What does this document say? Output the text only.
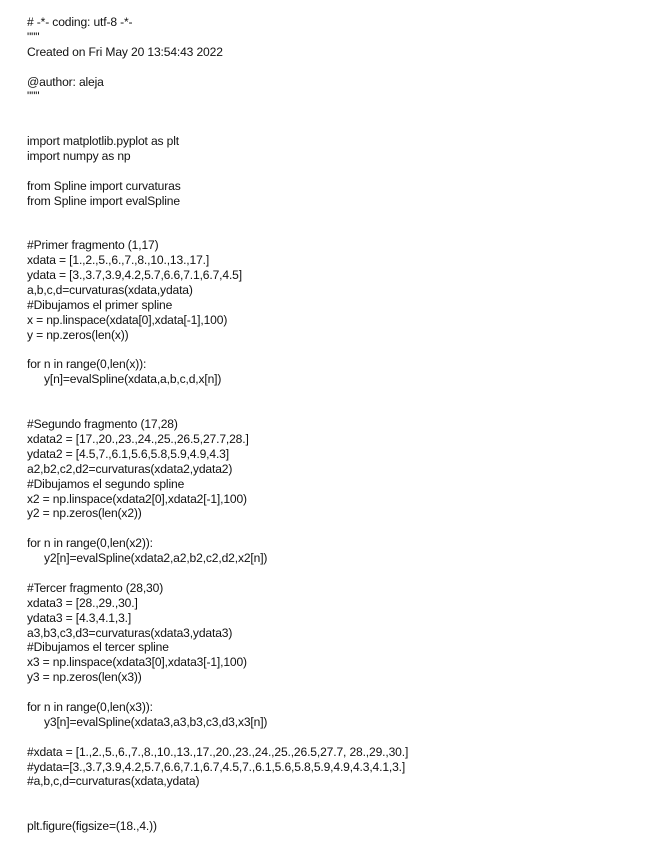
# -*- coding: utf-8 -*-
"""
Created on Fri May 20 13:54:43 2022
@author: aleja
"""
import matplotlib.pyplot as plt
import numpy as np
from Spline import curvaturas
from Spline import evalSpline
#Primer fragmento (1,17)
xdata = [1.,2.,5.,6.,7.,8.,10.,13.,17.]
ydata = [3.,3.7,3.9,4.2,5.7,6.6,7.1,6.7,4.5]
a,b,c,d=curvaturas(xdata,ydata)
#Dibujamos el primer spline
x = np.linspace(xdata[0],xdata[-1],100)
y = np.zeros(len(x))
for n in range(0,len(x)):
y[n]=evalSpline(xdata,a,b,c,d,x[n])
#Segundo fragmento (17,28)
xdata2 = [17.,20.,23.,24.,25.,26.5,27.7,28.]
ydata2 = [4.5,7.,6.1,5.6,5.8,5.9,4.9,4.3]
a2,b2,c2,d2=curvaturas(xdata2,ydata2)
#Dibujamos el segundo spline
x2 = np.linspace(xdata2[0],xdata2[-1],100)
y2 = np.zeros(len(x2))
for n in range(0,len(x2)):
y2[n]=evalSpline(xdata2,a2,b2,c2,d2,x2[n])
#Tercer fragmento (28,30)
xdata3 = [28.,29.,30.]
ydata3 = [4.3,4.1,3.]
a3,b3,c3,d3=curvaturas(xdata3,ydata3)
#Dibujamos el tercer spline
x3 = np.linspace(xdata3[0],xdata3[-1],100)
y3 = np.zeros(len(x3))
for n in range(0,len(x3)):
y3[n]=evalSpline(xdata3,a3,b3,c3,d3,x3[n])
#xdata = [1.,2.,5.,6.,7.,8.,10.,13.,17.,20.,23.,24.,25.,26.5,27.7, 28.,29.,30.]
#ydata=[3.,3.7,3.9,4.2,5.7,6.6,7.1,6.7,4.5,7.,6.1,5.6,5.8,5.9,4.9,4.3,4.1,3.]
#a,b,c,d=curvaturas(xdata,ydata)
plt.figure(figsize=(18.,4.))
